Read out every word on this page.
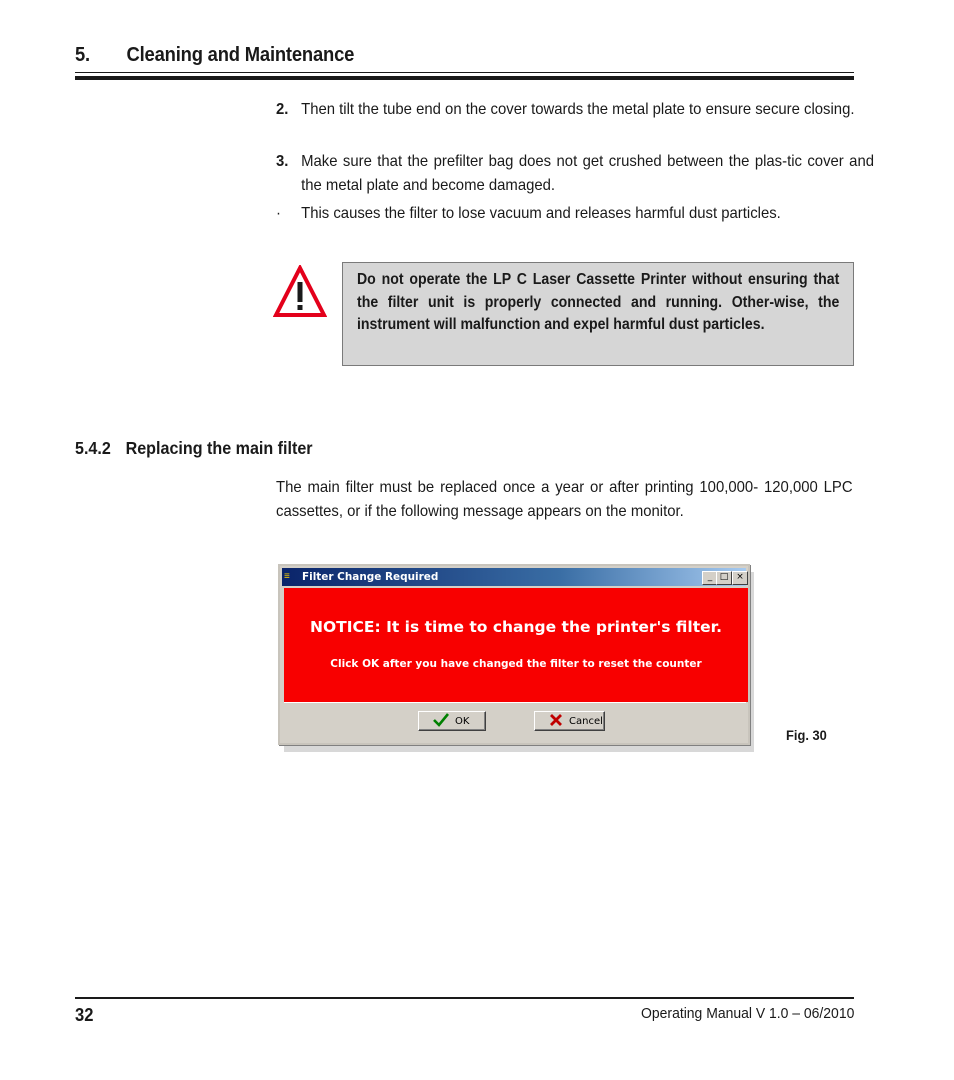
5. Cleaning and Maintenance
2. Then tilt the tube end on the cover towards the metal plate to ensure secure closing.
3. Make sure that the prefilter bag does not get crushed between the plas-tic cover and the metal plate and become damaged.
· This causes the filter to lose vacuum and releases harmful dust particles.
Do not operate the LP C Laser Cassette Printer without ensuring that the filter unit is properly connected and running. Other-wise, the instrument will malfunction and expel harmful dust particles.
5.4.2 Replacing the main filter
The main filter must be replaced once a year or after printing 100,000- 120,000 LPC cassettes, or if the following message appears on the monitor.
≡	Filter Change Required	_ □ ×
NOTICE: It is time to change the printer's filter.
Click OK after you have changed the filter to reset the counter
OK	Cancel
Fig. 30
32	Operating Manual V 1.0 – 06/2010
